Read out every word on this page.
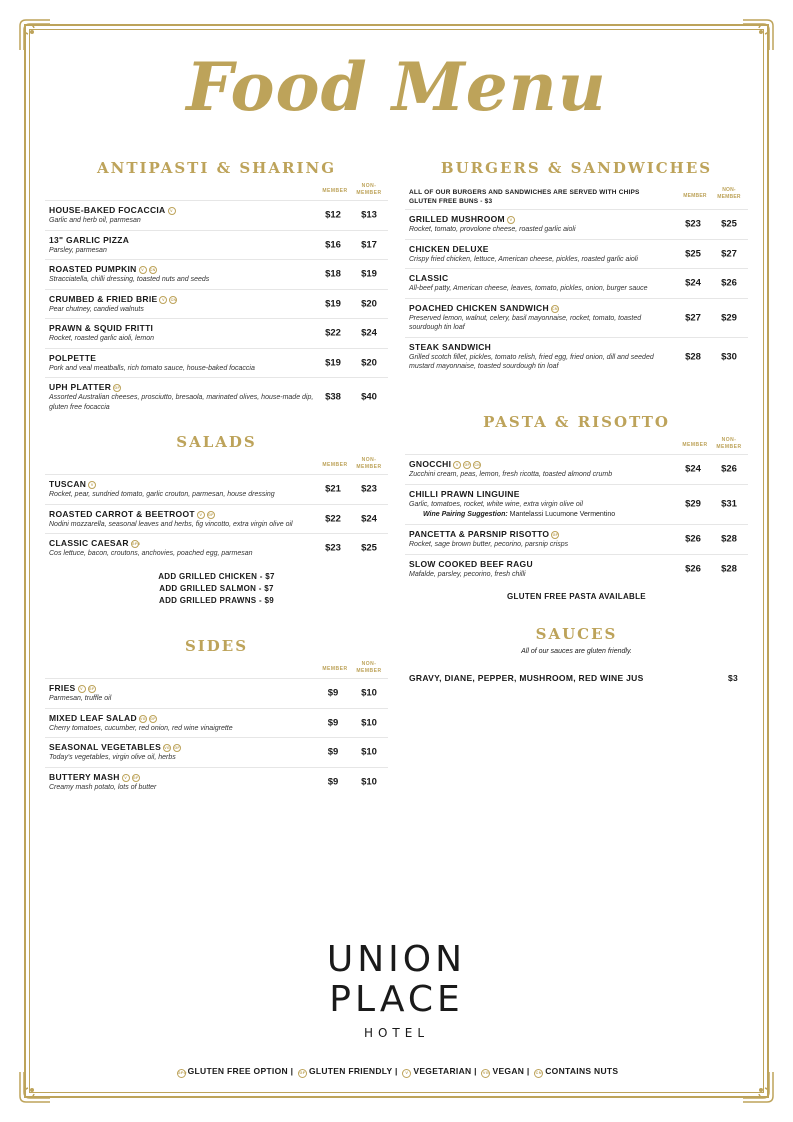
Food Menu
ANTIPASTI & SHARING
MEMBER
NON-
MEMBER
HOUSE-BAKED FOCACCIA V
Garlic and herb oil, parmesan	$12	$13
13" GARLIC PIZZA
Parsley, parmesan	$16	$17
ROASTED PUMPKIN V CN
Stracciatella, chilli dressing, toasted nuts and seeds	$18	$19
CRUMBED & FRIED BRIE V CN
Pear chutney, candied walnuts	$19	$20
PRAWN & SQUID FRITTI
Rocket, roasted garlic aioli, lemon	$22	$24
POLPETTE
Pork and veal meatballs, rich tomato sauce, house-baked focaccia	$19	$20
UPH PLATTER GF
Assorted Australian cheeses, prosciutto, bresaola, marinated olives, house-made dip, gluten free focaccia
$38	$40
SALADS
MEMBER
NON-
MEMBER
TUSCAN V
Rocket, pear, sundried tomato, garlic crouton, parmesan, house dressing	$21	$23
ROASTED CARROT & BEETROOT V GF
Nodini mozzarella, seasonal leaves and herbs, fig vincotto, extra virgin olive oil	$22	$24
CLASSIC CAESAR GFO
Cos lettuce, bacon, croutons, anchovies, poached egg, parmesan	$23	$25
ADD GRILLED CHICKEN - $7
ADD GRILLED SALMON - $7
ADD GRILLED PRAWNS - $9
SIDES
MEMBER
NON-
MEMBER
FRIES V GF
Parmesan, truffle oil	$9	$10
MIXED LEAF SALAD VG GF
Cherry tomatoes, cucumber, red onion, red wine vinaigrette	$9	$10
SEASONAL VEGETABLES VG GF
Today's vegetables, virgin olive oil, herbs	$9	$10
BUTTERY MASH V GF
Creamy mash potato, lots of butter	$9	$10
BURGERS & SANDWICHES
ALL OF OUR BURGERS AND SANDWICHES ARE SERVED WITH CHIPS
GLUTEN FREE BUNS - $3
MEMBER
NON-
MEMBER
GRILLED MUSHROOM V
Rocket, tomato, provolone cheese, roasted garlic aioli	$23	$25
CHICKEN DELUXE
Crispy fried chicken, lettuce, American cheese, pickles, roasted garlic aioli	$25	$27
CLASSIC
All-beef patty, American cheese, leaves, tomato, pickles, onion, burger sauce	$24	$26
POACHED CHICKEN SANDWICH CN
Preserved lemon, walnut, celery, basil mayonnaise, rocket, tomato, toasted sourdough tin loaf
$27	$29
STEAK SANDWICH
Grilled scotch fillet, pickles, tomato relish, fried egg, fried onion, dill and seeded mustard mayonnaise, toasted sourdough tin loaf
$28	$30
PASTA & RISOTTO
MEMBER
NON-
MEMBER
GNOCCHI V GF CN
Zucchini cream, peas, lemon, fresh ricotta, toasted almond crumb	$24	$26
CHILLI PRAWN LINGUINE
Garlic, tomatoes, rocket, white wine, extra virgin olive oil
Wine Pairing Suggestion: Mantelassi Lucumone Vermentino
$29	$31
PANCETTA & PARSNIP RISOTTO GF
Rocket, sage brown butter, pecorino, parsnip crisps	$26	$28
SLOW COOKED BEEF RAGU
Mafalde, parsley, pecorino, fresh chilli	$26	$28
GLUTEN FREE PASTA AVAILABLE
SAUCES
All of our sauces are gluten friendly.
GRAVY, DIANE, PEPPER, MUSHROOM, RED WINE JUS	$3
UNION
PLACE
HOTEL
GFOGLUTEN FREE OPTION | GF GLUTEN FRIENDLY | V VEGETARIAN | VG VEGAN | CN CONTAINS NUTS
